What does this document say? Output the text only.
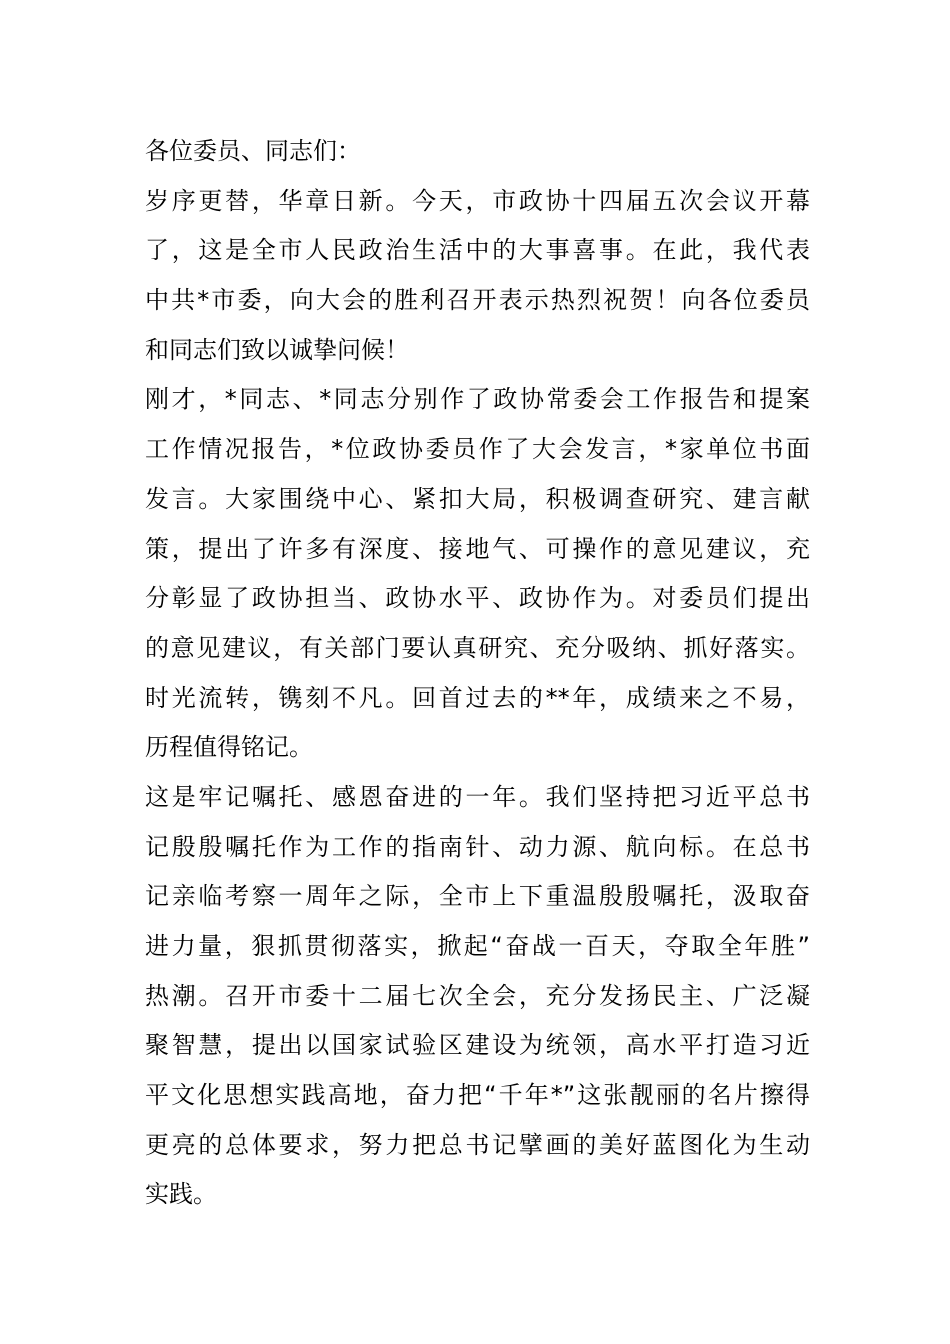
各位委员、同志们：
岁序更替，华章日新。今天，市政协十四届五次会议开幕
了，这是全市人民政治生活中的大事喜事。在此，我代表
中共*市委，向大会的胜利召开表示热烈祝贺！向各位委员
和同志们致以诚挚问候！
刚才，*同志、*同志分别作了政协常委会工作报告和提案
工作情况报告，*位政协委员作了大会发言，*家单位书面
发言。大家围绕中心、紧扣大局，积极调查研究、建言献
策，提出了许多有深度、接地气、可操作的意见建议，充
分彰显了政协担当、政协水平、政协作为。对委员们提出
的意见建议，有关部门要认真研究、充分吸纳、抓好落实。
时光流转，镌刻不凡。回首过去的**年，成绩来之不易，
历程值得铭记。
这是牢记嘱托、感恩奋进的一年。我们坚持把习近平总书
记殷殷嘱托作为工作的指南针、动力源、航向标。在总书
记亲临考察一周年之际，全市上下重温殷殷嘱托，汲取奋
进力量，狠抓贯彻落实，掀起“奋战一百天，夺取全年胜”
热潮。召开市委十二届七次全会，充分发扬民主、广泛凝
聚智慧，提出以国家试验区建设为统领，高水平打造习近
平文化思想实践高地，奋力把“千年*”这张靓丽的名片擦得
更亮的总体要求，努力把总书记擘画的美好蓝图化为生动
实践。
